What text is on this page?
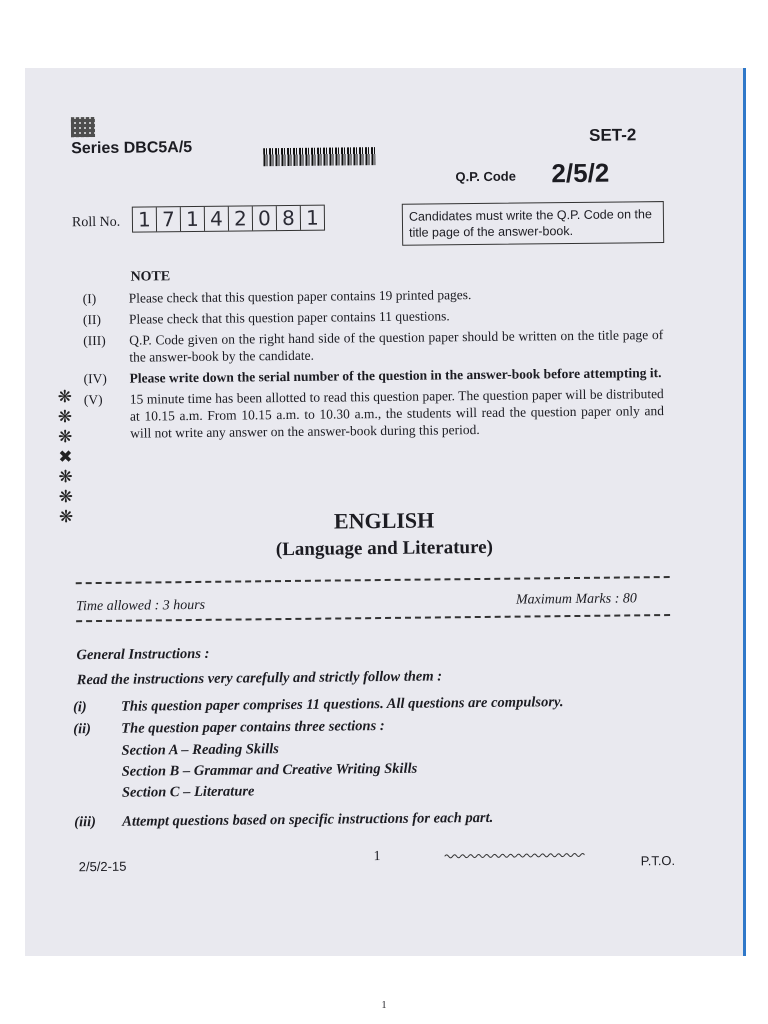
Series DBC5A/5
SET-2
Q.P. Code 2/5/2
Roll No. 1 7 1 4 2 0 8 1	Candidates must write the Q.P. Code on the title page of the answer-book.
NOTE
(I)	Please check that this question paper contains 19 printed pages.
(II)	Please check that this question paper contains 11 questions.
(III)	Q.P. Code given on the right hand side of the question paper should be written on the title page of the answer-book by the candidate.
(IV)	Please write down the serial number of the question in the answer-book before attempting it.
(V)	15 minute time has been allotted to read this question paper. The question paper will be distributed at 10.15 a.m. From 10.15 a.m. to 10.30 a.m., the students will read the question paper only and will not write any answer on the answer-book during this period.
❋
❋
❋
✖
❋
❋
❋	ENGLISH
(Language and Literature)
Time allowed : 3 hours	Maximum Marks : 80
General Instructions :
Read the instructions very carefully and strictly follow them :
(i)	This question paper comprises 11 questions. All questions are compulsory.
(ii)	The question paper contains three sections :
Section A – Reading Skills
Section B – Grammar and Creative Writing Skills
Section C – Literature
(iii)	Attempt questions based on specific instructions for each part.
2/5/2-15
1	P.T.O.
1
